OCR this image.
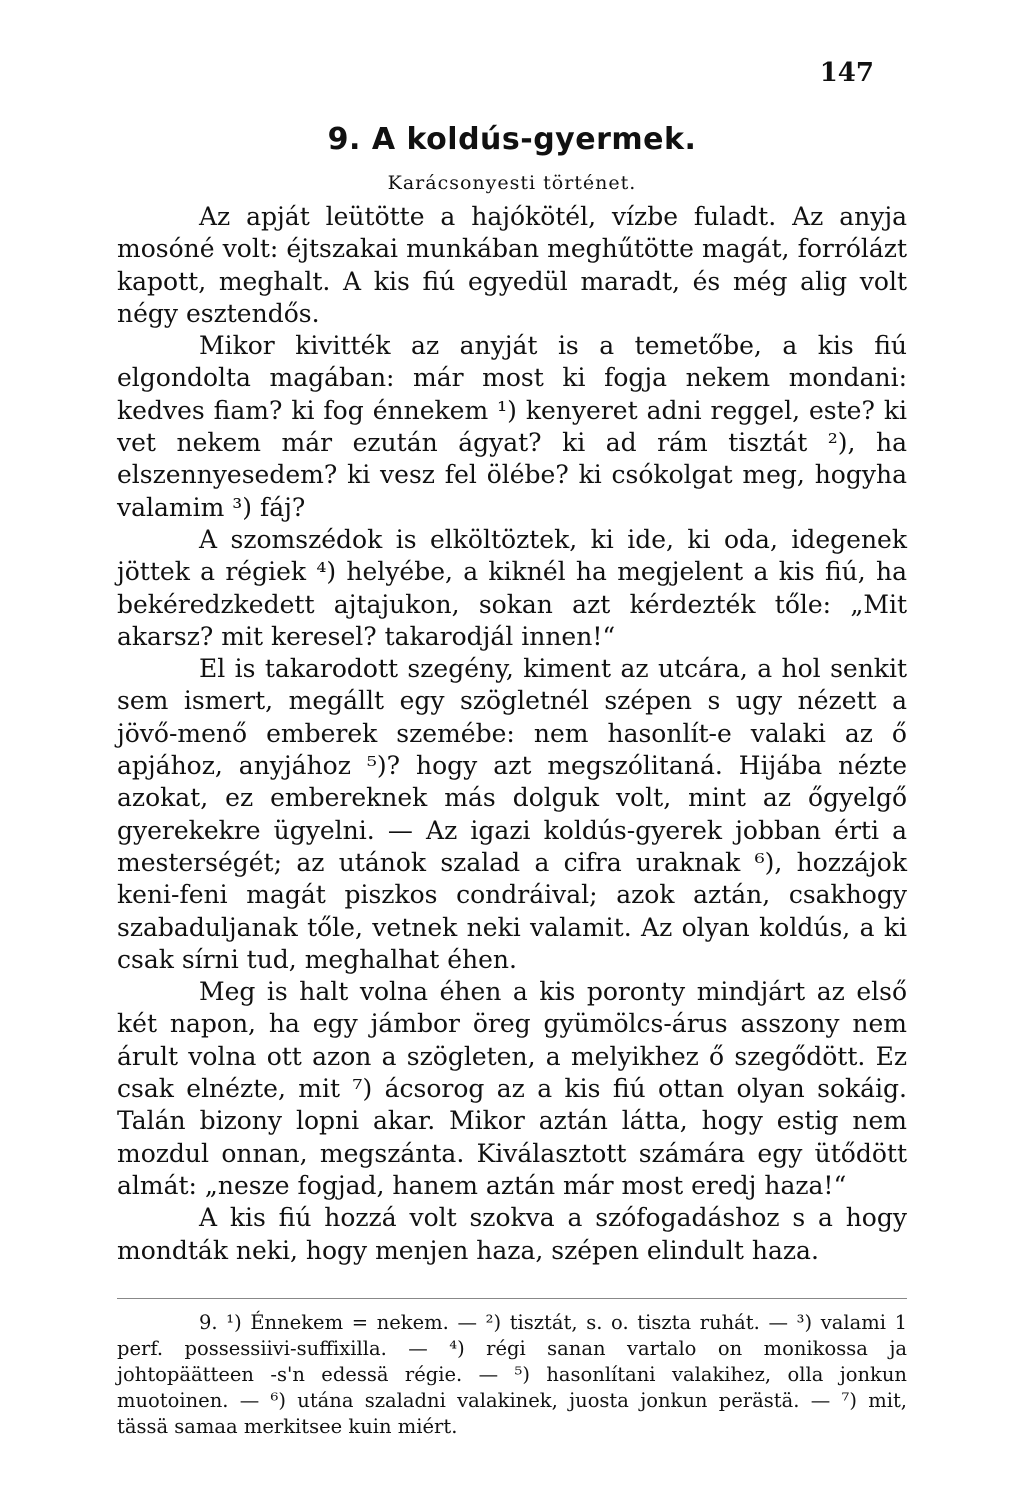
147
9. A koldús-gyermek.
Karácsonyesti történet.

Az apját leütötte a hajókötél, vízbe fuladt. Az anyja mosóné volt: éjtszakai munkában meghűtötte magát, forrólázt kapott, meghalt. A kis fiú egyedül maradt, és még alig volt négy esztendős.

Mikor kivitték az anyját is a temetőbe, a kis fiú elgondolta magában: már most ki fogja nekem mondani: kedves fiam? ki fog énnekem ¹) kenyeret adni reggel, este? ki vet nekem már ezután ágyat? ki ad rám tisztát ²), ha elszennyesedem? ki vesz fel ölébe? ki csókolgat meg, hogyha valamim ³) fáj?

A szomszédok is elköltöztek, ki ide, ki oda, idegenek jöttek a régiek ⁴) helyébe, a kiknél ha megjelent a kis fiú, ha bekéredzkedett ajtajukon, sokan azt kérdezték tőle: „Mit akarsz? mit keresel? takarodjál innen!“

El is takarodott szegény, kiment az utcára, a hol senkit sem ismert, megállt egy szögletnél szépen s ugy nézett a jövő-menő emberek szemébe: nem hasonlít-e valaki az ő apjához, anyjához ⁵)? hogy azt megszólitaná. Hijába nézte azokat, ez embereknek más dolguk volt, mint az őgyelgő gyerekekre ügyelni. — Az igazi koldús-gyerek jobban érti a mesterségét; az utánok szalad a cifra uraknak ⁶), hozzájok keni-feni magát piszkos condráival; azok aztán, csakhogy szabaduljanak tőle, vetnek neki valamit. Az olyan koldús, a ki csak sírni tud, meghalhat éhen.

Meg is halt volna éhen a kis poronty mindjárt az első két napon, ha egy jámbor öreg gyümölcs-árus asszony nem árult volna ott azon a szögleten, a melyikhez ő szegődött. Ez csak elnézte, mit ⁷) ácsorog az a kis fiú ottan olyan sokáig. Talán bizony lopni akar. Mikor aztán látta, hogy estig nem mozdul onnan, megszánta. Kiválasztott számára egy ütődött almát: „nesze fogjad, hanem aztán már most eredj haza!“

A kis fiú hozzá volt szokva a szófogadáshoz s a hogy mondták neki, hogy menjen haza, szépen elindult haza.

9. ¹) Énnekem = nekem. — ²) tisztát, s. o. tiszta ruhát. — ³) valami 1 perf. possessiivi-suffixilla. — ⁴) régi sanan vartalo on monikossa ja johtopäätteen -s'n edessä régie. — ⁵) hasonlítani valakihez, olla jonkun muotoinen. — ⁶) utána szaladni valakinek, juosta jonkun perästä. — ⁷) mit, tässä samaa merkitsee kuin miért.
